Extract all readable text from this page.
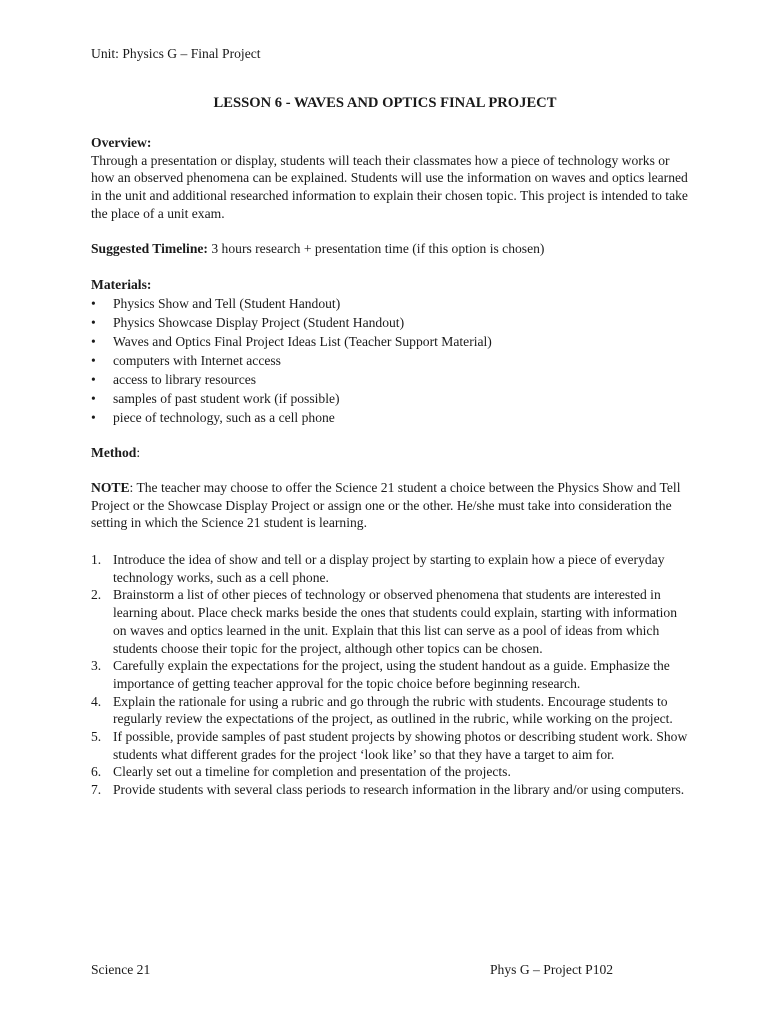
Unit: Physics G – Final Project
LESSON 6 - WAVES AND OPTICS FINAL PROJECT
Overview:
Through a presentation or display, students will teach their classmates how a piece of technology works or how an observed phenomena can be explained. Students will use the information on waves and optics learned in the unit and additional researched information to explain their chosen topic. This project is intended to take the place of a unit exam.
Suggested Timeline: 3 hours research + presentation time (if this option is chosen)
Materials:
• Physics Show and Tell (Student Handout)
• Physics Showcase Display Project (Student Handout)
• Waves and Optics Final Project Ideas List (Teacher Support Material)
• computers with Internet access
• access to library resources
• samples of past student work (if possible)
• piece of technology, such as a cell phone
Method:
NOTE: The teacher may choose to offer the Science 21 student a choice between the Physics Show and Tell Project or the Showcase Display Project or assign one or the other. He/she must take into consideration the setting in which the Science 21 student is learning.
1. Introduce the idea of show and tell or a display project by starting to explain how a piece of everyday technology works, such as a cell phone.
2. Brainstorm a list of other pieces of technology or observed phenomena that students are interested in learning about. Place check marks beside the ones that students could explain, starting with information on waves and optics learned in the unit. Explain that this list can serve as a pool of ideas from which students choose their topic for the project, although other topics can be chosen.
3. Carefully explain the expectations for the project, using the student handout as a guide. Emphasize the importance of getting teacher approval for the topic choice before beginning research.
4. Explain the rationale for using a rubric and go through the rubric with students. Encourage students to regularly review the expectations of the project, as outlined in the rubric, while working on the project.
5. If possible, provide samples of past student projects by showing photos or describing student work. Show students what different grades for the project ‘look like’ so that they have a target to aim for.
6. Clearly set out a timeline for completion and presentation of the projects.
7. Provide students with several class periods to research information in the library and/or using computers.
Science 21	Phys G – Project P102
